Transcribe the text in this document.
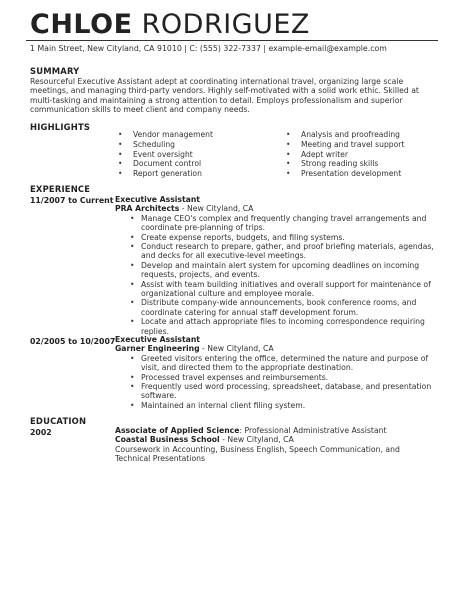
CHLOE RODRIGUEZ
1 Main Street, New Cityland, CA 91010 | C: (555) 322-7337 | example-email@example.com
SUMMARY
Resourceful Executive Assistant adept at coordinating international travel, organizing large scale meetings, and managing third-party vendors. Highly self-motivated with a solid work ethic. Skilled at multi-tasking and maintaining a strong attention to detail. Employs professionalism and superior communication skills to meet client and company needs.
HIGHLIGHTS
• Vendor management
• Scheduling
• Event oversight
• Document control
• Report generation
• Analysis and proofreading
• Meeting and travel support
• Adept writer
• Strong reading skills
• Presentation development
EXPERIENCE
11/2007 to Current Executive Assistant
PRA Architects - New Cityland, CA
• Manage CEO's complex and frequently changing travel arrangements and coordinate pre-planning of trips.
• Create expense reports, budgets, and filing systems.
• Conduct research to prepare, gather, and proof briefing materials, agendas, and decks for all executive-level meetings.
• Develop and maintain alert system for upcoming deadlines on incoming requests, projects, and events.
• Assist with team building initiatives and overall support for maintenance of organizational culture and employee morale.
• Distribute company-wide announcements, book conference rooms, and coordinate catering for annual staff development forum.
• Locate and attach appropriate files to incoming correspondence requiring replies.
02/2005 to 10/2007 Executive Assistant
Garner Engineering - New Cityland, CA
• Greeted visitors entering the office, determined the nature and purpose of visit, and directed them to the appropriate destination.
• Processed travel expenses and reimbursements.
• Frequently used word processing, spreadsheet, database, and presentation software.
• Maintained an internal client filing system.
EDUCATION
2002	Associate of Applied Science: Professional Administrative Assistant
Coastal Business School - New Cityland, CA
Coursework in Accounting, Business English, Speech Communication, and Technical Presentations
